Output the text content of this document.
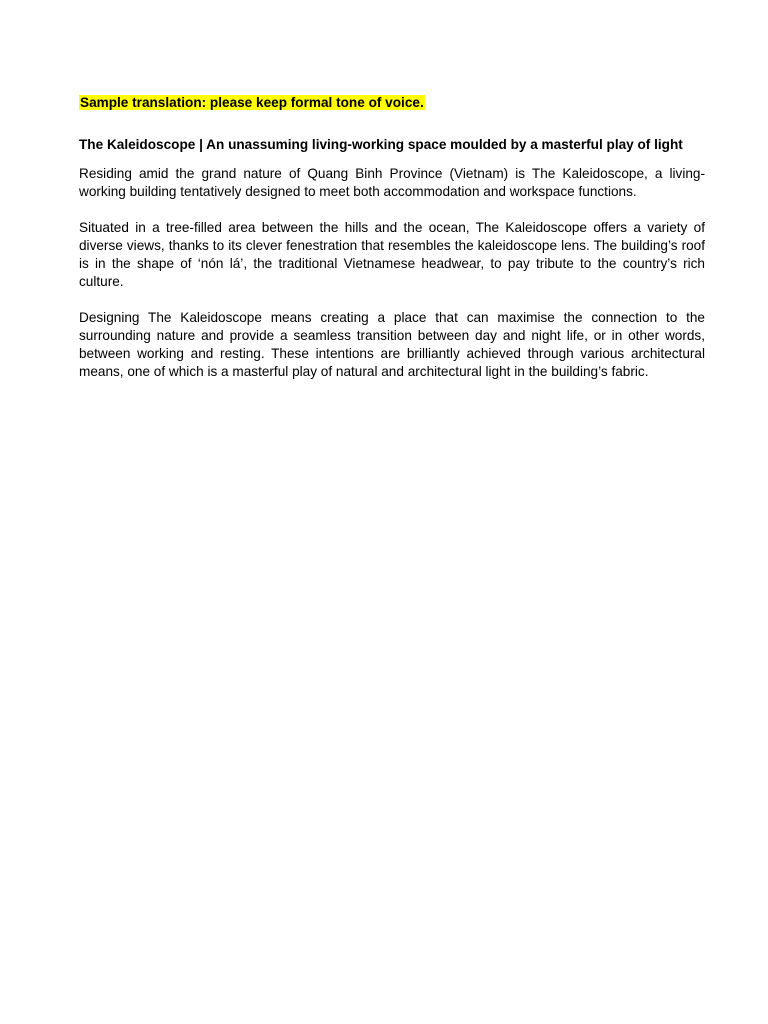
Sample translation: please keep formal tone of voice.

The Kaleidoscope | An unassuming living-working space moulded by a masterful play of light

Residing amid the grand nature of Quang Binh Province (Vietnam) is The Kaleidoscope, a living-working building tentatively designed to meet both accommodation and workspace functions.

Situated in a tree-filled area between the hills and the ocean, The Kaleidoscope offers a variety of diverse views, thanks to its clever fenestration that resembles the kaleidoscope lens. The building’s roof is in the shape of ‘nón lá’, the traditional Vietnamese headwear, to pay tribute to the country’s rich culture.

Designing The Kaleidoscope means creating a place that can maximise the connection to the surrounding nature and provide a seamless transition between day and night life, or in other words, between working and resting. These intentions are brilliantly achieved through various architectural means, one of which is a masterful play of natural and architectural light in the building’s fabric.
